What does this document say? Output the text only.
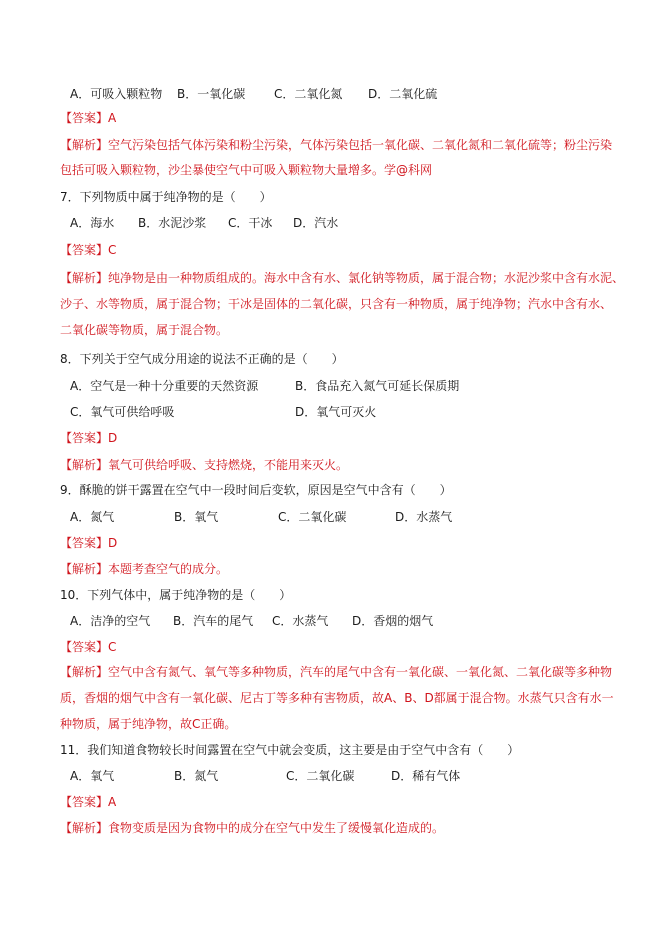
A．可吸入颗粒物 B．一氧化碳 C．二氧化氮 D．二氧化硫
【答案】A
【解析】空气污染包括气体污染和粉尘污染，气体污染包括一氧化碳、二氧化氮和二氧化硫等；粉尘污染
包括可吸入颗粒物，沙尘暴使空气中可吸入颗粒物大量增多。学@科网
7．下列物质中属于纯净物的是（　　）
A．海水 B．水泥沙浆 C．干冰 D．汽水
【答案】C
【解析】纯净物是由一种物质组成的。海水中含有水、氯化钠等物质，属于混合物；水泥沙浆中含有水泥、
沙子、水等物质，属于混合物；干冰是固体的二氧化碳，只含有一种物质，属于纯净物；汽水中含有水、
二氧化碳等物质，属于混合物。
8．下列关于空气成分用途的说法不正确的是（　　）
A．空气是一种十分重要的天然资源	B．食品充入氮气可延长保质期
C．氧气可供给呼吸	D．氧气可灭火
【答案】D
【解析】氧气可供给呼吸、支持燃烧，不能用来灭火。
9．酥脆的饼干露置在空气中一段时间后变软，原因是空气中含有（　　）
A．氮气	B．氧气	C．二氧化碳	D．水蒸气
【答案】D
【解析】本题考查空气的成分。
10．下列气体中，属于纯净物的是（　　）
A．洁净的空气 B．汽车的尾气 C．水蒸气 D．香烟的烟气
【答案】C
【解析】空气中含有氮气、氧气等多种物质，汽车的尾气中含有一氧化碳、一氧化氮、二氧化碳等多种物
质，香烟的烟气中含有一氧化碳、尼古丁等多种有害物质，故A、B、D都属于混合物。水蒸气只含有水一
种物质，属于纯净物，故C正确。
11．我们知道食物较长时间露置在空气中就会变质，这主要是由于空气中含有（　　）
A．氧气	B．氮气	C．二氧化碳	D．稀有气体
【答案】A
【解析】食物变质是因为食物中的成分在空气中发生了缓慢氧化造成的。
